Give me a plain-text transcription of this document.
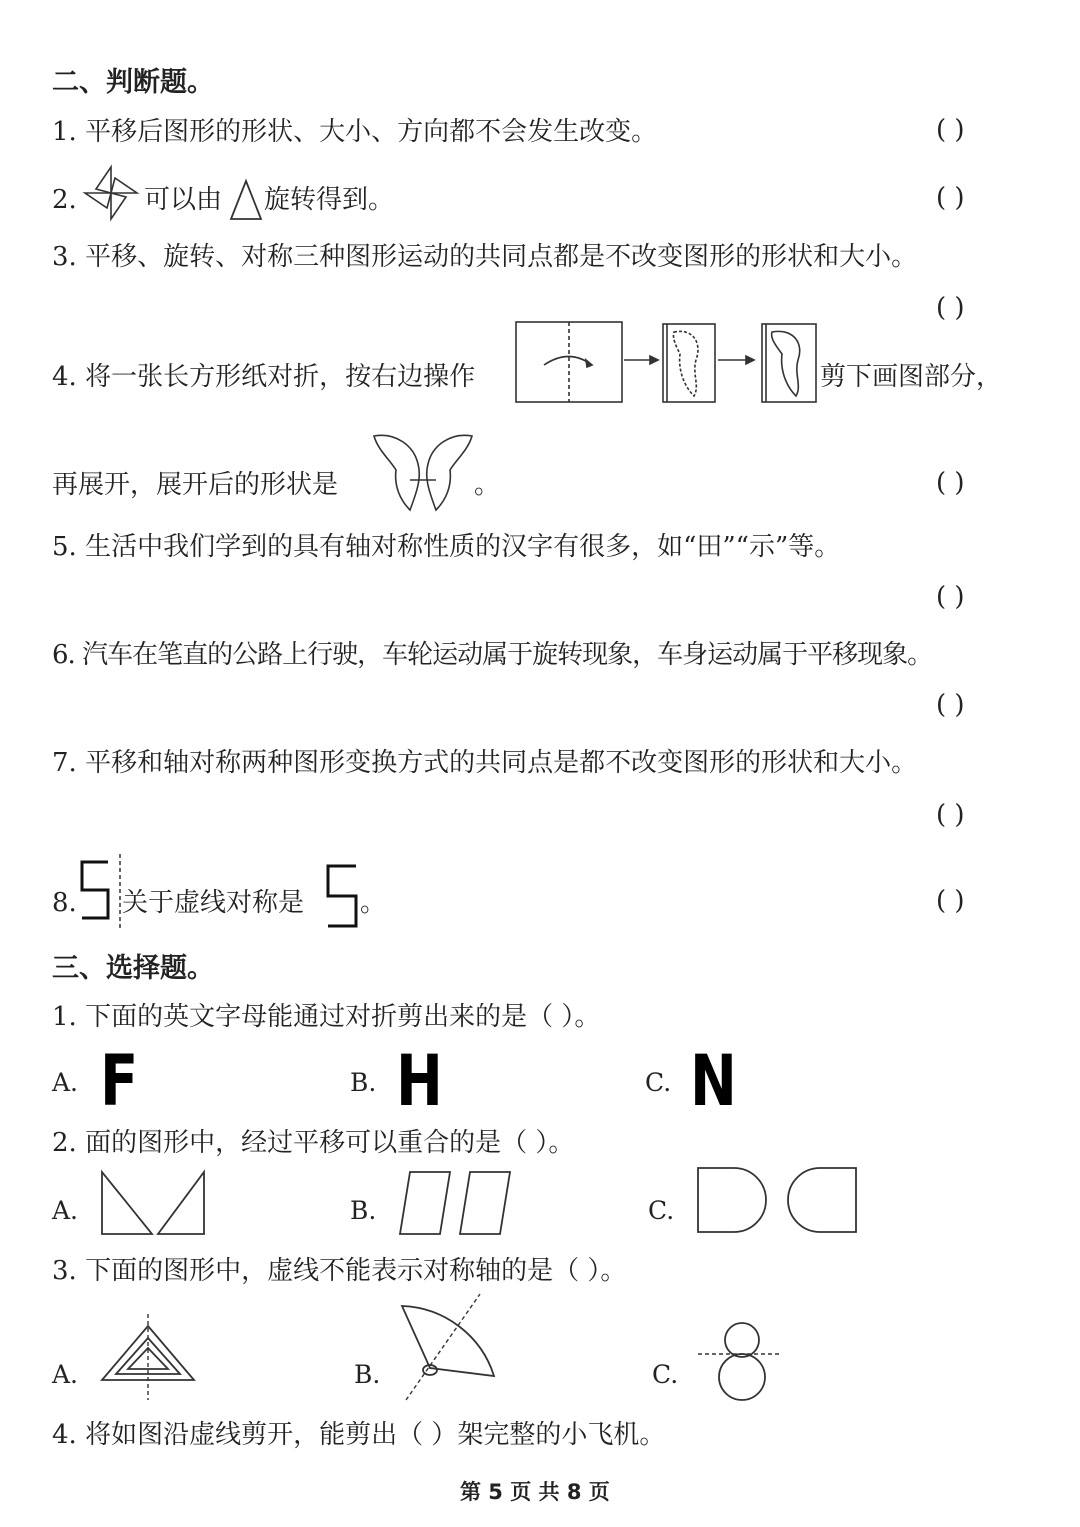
二、判断题。
1. 平移后图形的形状、大小、方向都不会发生改变。	( )
2.	可以由 旋转得到。	( )
3. 平移、旋转、对称三种图形运动的共同点都是不改变图形的形状和大小。
( )
4. 将一张长方形纸对折，按右边操作	剪下画图部分，
再展开，展开后的形状是	。	( )
5. 生活中我们学到的具有轴对称性质的汉字有很多，如“田”“示”等。
( )
6. 汽车在笔直的公路上行驶，车轮运动属于旋转现象，车身运动属于平移现象。
( )
7. 平移和轴对称两种图形变换方式的共同点是都不改变图形的形状和大小。
( )
8. 关于虚线对称是 。	( )
三、选择题。
1. 下面的英文字母能通过对折剪出来的是（ ）。
A. F	B. H	C. N
2. 面的图形中，经过平移可以重合的是（ ）。
A.	B.	C.
3. 下面的图形中，虚线不能表示对称轴的是（ ）。
A.	B.	C.
4. 将如图沿虚线剪开，能剪出（ ）架完整的小飞机。
第 5 页 共 8 页
